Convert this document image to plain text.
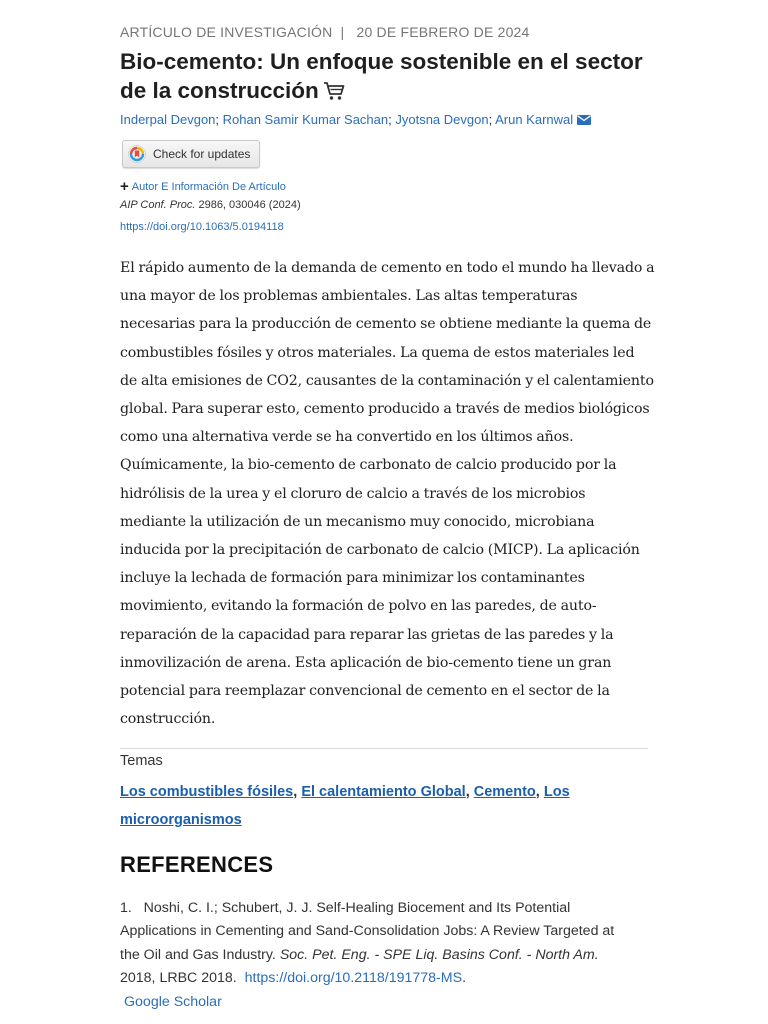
ARTÍCULO DE INVESTIGACIÓN | 20 DE FEBRERO DE 2024
Bio-cemento: Un enfoque sostenible en el sector de la construcción
Inderpal Devgon; Rohan Samir Kumar Sachan; Jyotsna Devgon; Arun Karnwal
Check for updates
+ Autor E Información De Artículo
AIP Conf. Proc. 2986, 030046 (2024)
https://doi.org/10.1063/5.0194118

El rápido aumento de la demanda de cemento en todo el mundo ha llevado a una mayor de los problemas ambientales. Las altas temperaturas necesarias para la producción de cemento se obtiene mediante la quema de combustibles fósiles y otros materiales. La quema de estos materiales led de alta emisiones de CO2, causantes de la contaminación y el calentamiento global. Para superar esto, cemento producido a través de medios biológicos como una alternativa verde se ha convertido en los últimos años. Químicamente, la bio-cemento de carbonato de calcio producido por la hidrólisis de la urea y el cloruro de calcio a través de los microbios mediante la utilización de un mecanismo muy conocido, microbiana inducida por la precipitación de carbonato de calcio (MICP). La aplicación incluye la lechada de formación para minimizar los contaminantes movimiento, evitando la formación de polvo en las paredes, de auto-reparación de la capacidad para reparar las grietas de las paredes y la inmovilización de arena. Esta aplicación de bio-cemento tiene un gran potencial para reemplazar convencional de cemento en el sector de la construcción.

Temas
Los combustibles fósiles, El calentamiento Global, Cemento, Los microorganismos
REFERENCES
1. Noshi, C. I.; Schubert, J. J. Self-Healing Biocement and Its Potential Applications in Cementing and Sand-Consolidation Jobs: A Review Targeted at the Oil and Gas Industry. Soc. Pet. Eng. - SPE Liq. Basins Conf. - North Am. 2018, LRBC 2018. https://doi.org/10.2118/191778-MS.
Google Scholar
